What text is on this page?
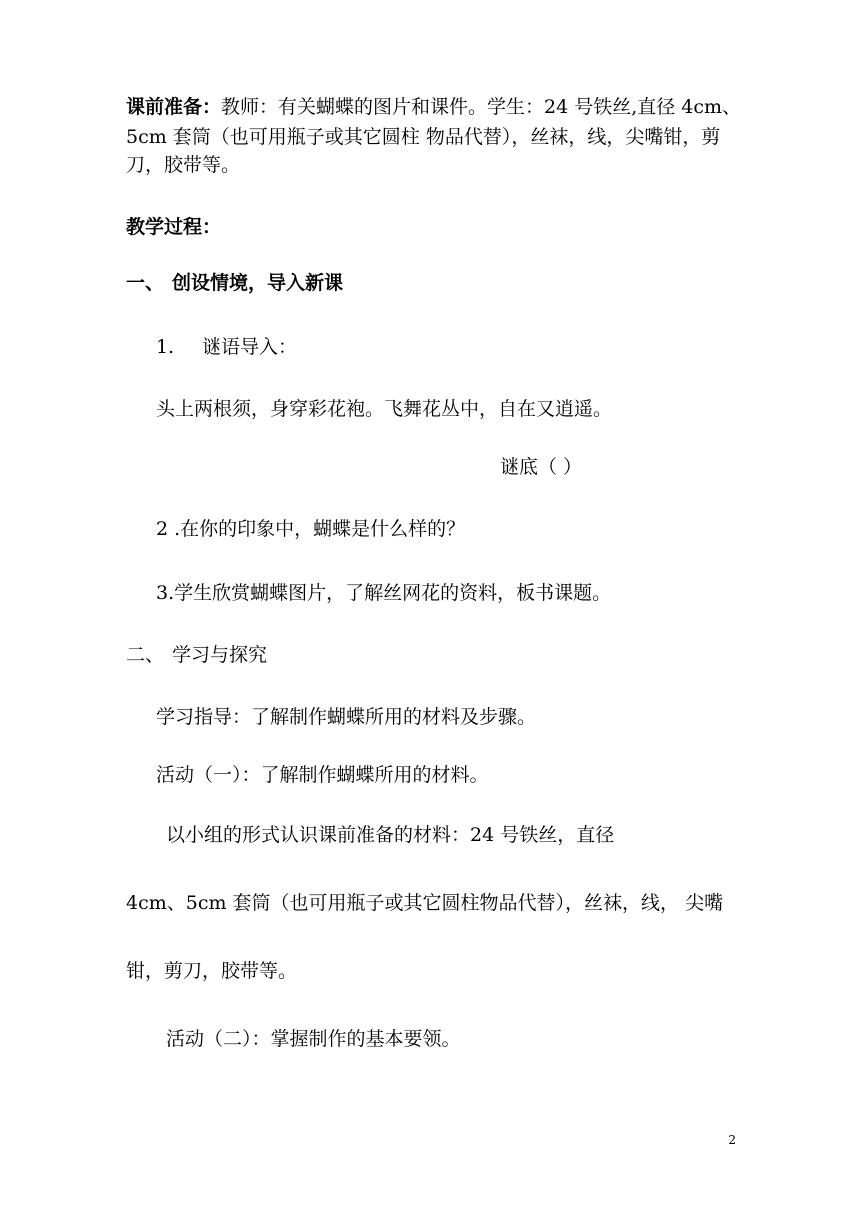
课前准备：教师：有关蝴蝶的图片和课件。学生：24 号铁丝,直径 4cm、

5cm 套筒（也可用瓶子或其它圆柱 物品代替），丝袜，线，尖嘴钳，剪

刀，胶带等。

教学过程：

一、 创设情境，导入新课

1. 谜语导入：

头上两根须，身穿彩花袍。飞舞花丛中，自在又逍遥。

谜底（ ）

2 .在你的印象中，蝴蝶是什么样的？

3.学生欣赏蝴蝶图片，了解丝网花的资料，板书课题。

二、 学习与探究

学习指导：了解制作蝴蝶所用的材料及步骤。

活动（一）：了解制作蝴蝶所用的材料。

以小组的形式认识课前准备的材料：24 号铁丝，直径

4cm、5cm 套筒（也可用瓶子或其它圆柱物品代替），丝袜，线， 尖嘴

钳，剪刀，胶带等。

活动（二）：掌握制作的基本要领。

2
